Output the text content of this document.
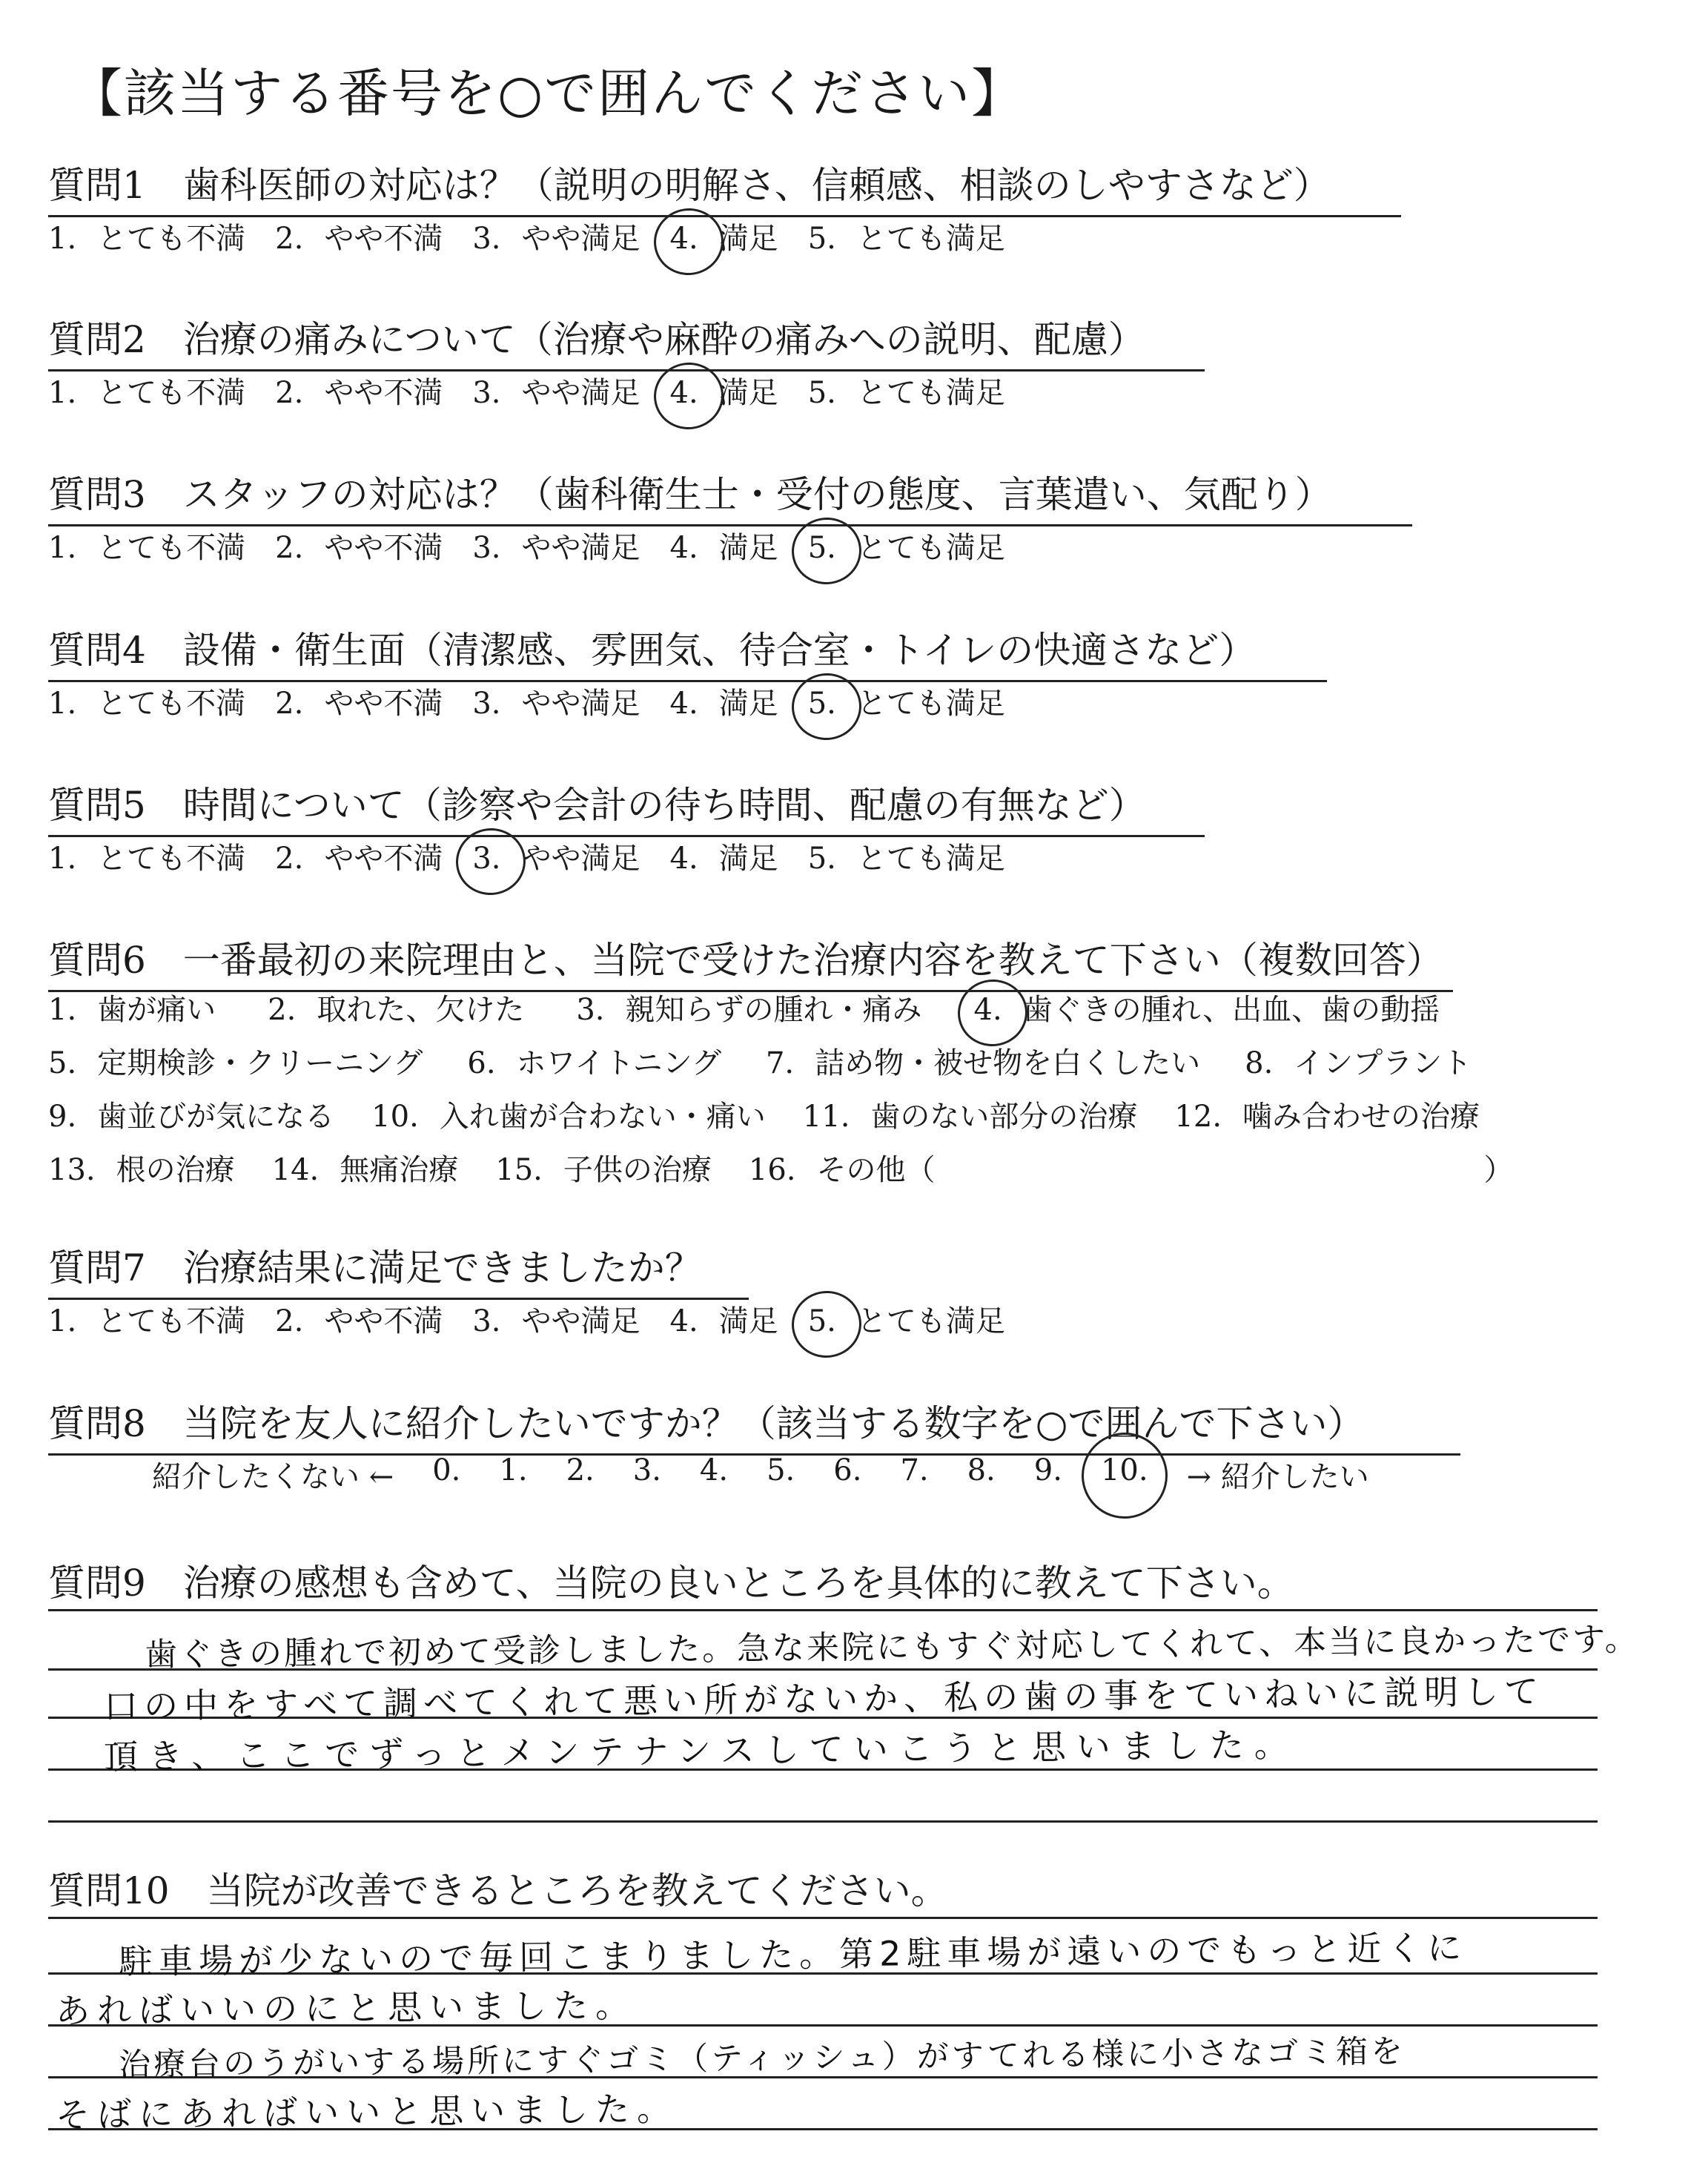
【該当する番号を○で囲んでください】
質問1　歯科医師の対応は？（説明の明解さ、信頼感、相談のしやすさなど）
1. とても不満 2. やや不満 3. やや満足 4. 満足 5. とても満足
質問2　治療の痛みについて（治療や麻酔の痛みへの説明、配慮）
1. とても不満 2. やや不満 3. やや満足 4. 満足 5. とても満足
質問3　スタッフの対応は？（歯科衛生士・受付の態度、言葉遣い、気配り）
1. とても不満 2. やや不満 3. やや満足 4. 満足 5. とても満足
質問4　設備・衛生面（清潔感、雰囲気、待合室・トイレの快適さなど）
1. とても不満 2. やや不満 3. やや満足 4. 満足 5. とても満足
質問5　時間について（診察や会計の待ち時間、配慮の有無など）
1. とても不満 2. やや不満 3. やや満足 4. 満足 5. とても満足
質問6　一番最初の来院理由と、当院で受けた治療内容を教えて下さい（複数回答）
1. 歯が痛い 2. 取れた、欠けた 3. 親知らずの腫れ・痛み 4. 歯ぐきの腫れ、出血、歯の動揺
5. 定期検診・クリーニング 6. ホワイトニング 7. 詰め物・被せ物を白くしたい 8. インプラント
9. 歯並びが気になる 10. 入れ歯が合わない・痛い 11. 歯のない部分の治療 12. 噛み合わせの治療
13. 根の治療 14. 無痛治療 15. 子供の治療 16. その他（	）
質問7　治療結果に満足できましたか？
1. とても不満 2. やや不満 3. やや満足 4. 満足 5. とても満足
質問8　当院を友人に紹介したいですか？（該当する数字を○で囲んで下さい）
紹介したくない ← 0. 1. 2. 3. 4. 5. 6. 7. 8. 9. 10. → 紹介したい
質問9　治療の感想も含めて、当院の良いところを具体的に教えて下さい。
歯ぐきの腫れで初めて受診しました。急な来院にもすぐ対応してくれて、本当に良かったです。
口の中をすべて調べてくれて悪い所がないか、私の歯の事をていねいに説明して
頂き、ここでずっとメンテナンスしていこうと思いました。
質問10　当院が改善できるところを教えてください。
駐車場が少ないので毎回こまりました。第2駐車場が遠いのでもっと近くに
あればいいのにと思いました。
治療台のうがいする場所にすぐゴミ（ティッシュ）がすてれる様に小さなゴミ箱を
そばにあればいいと思いました。
